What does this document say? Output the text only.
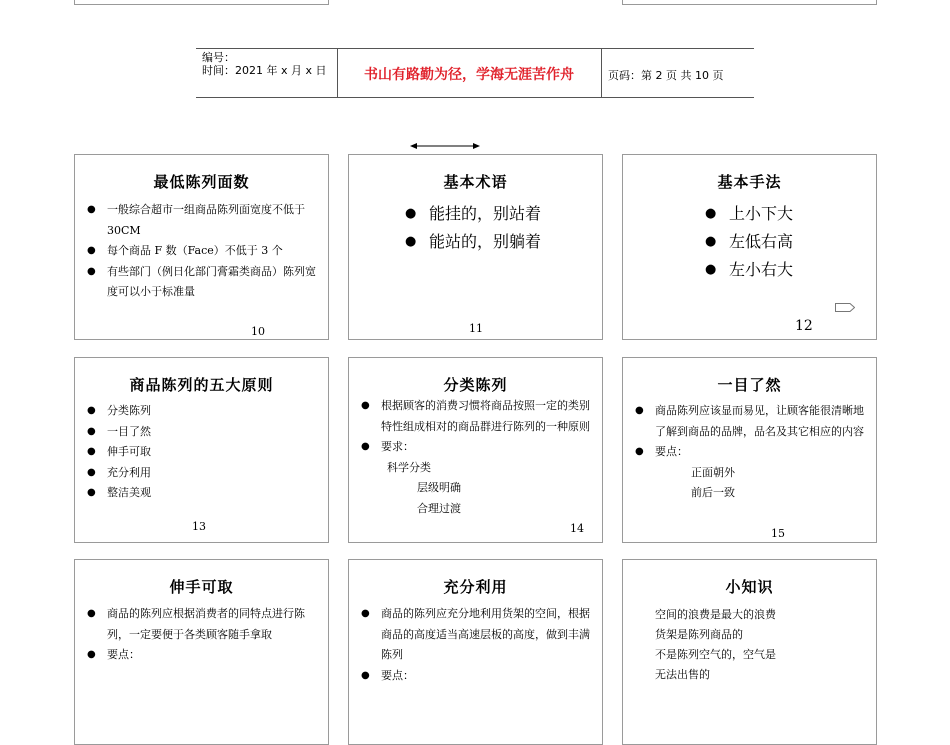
编号：
时间：2021 年 x 月 x 日	书山有路勤为径，学海无涯苦作舟	页码：第 2 页 共 10 页
最低陈列面数
● 一般综合超市一组商品陈列面宽度不低于 30CM
● 每个商品 F 数（Face）不低于 3 个
● 有些部门（例日化部门膏霜类商品）陈列宽度可以小于标准量
10
基本术语
● 能挂的，别站着
● 能站的，别躺着
11
基本手法
● 上小下大
● 左低右高
● 左小右大
12
商品陈列的五大原则
● 分类陈列
● 一目了然
● 伸手可取
● 充分利用
● 整洁美观
13
分类陈列
● 根据顾客的消费习惯将商品按照一定的类别特性组成相对的商品群进行陈列的一种原则
● 要求：
科学分类
层级明确
合理过渡
14
一目了然
● 商品陈列应该显而易见，让顾客能很清晰地了解到商品的品牌，品名及其它相应的内容
● 要点：
正面朝外
前后一致
15
伸手可取
● 商品的陈列应根据消费者的同特点进行陈列，一定要便于各类顾客随手拿取
● 要点：
充分利用
● 商品的陈列应充分地利用货架的空间，根据商品的高度适当高速层板的高度，做到丰满陈列
● 要点：
小知识
空间的浪费是最大的浪费
货架是陈列商品的
不是陈列空气的，空气是
无法出售的
